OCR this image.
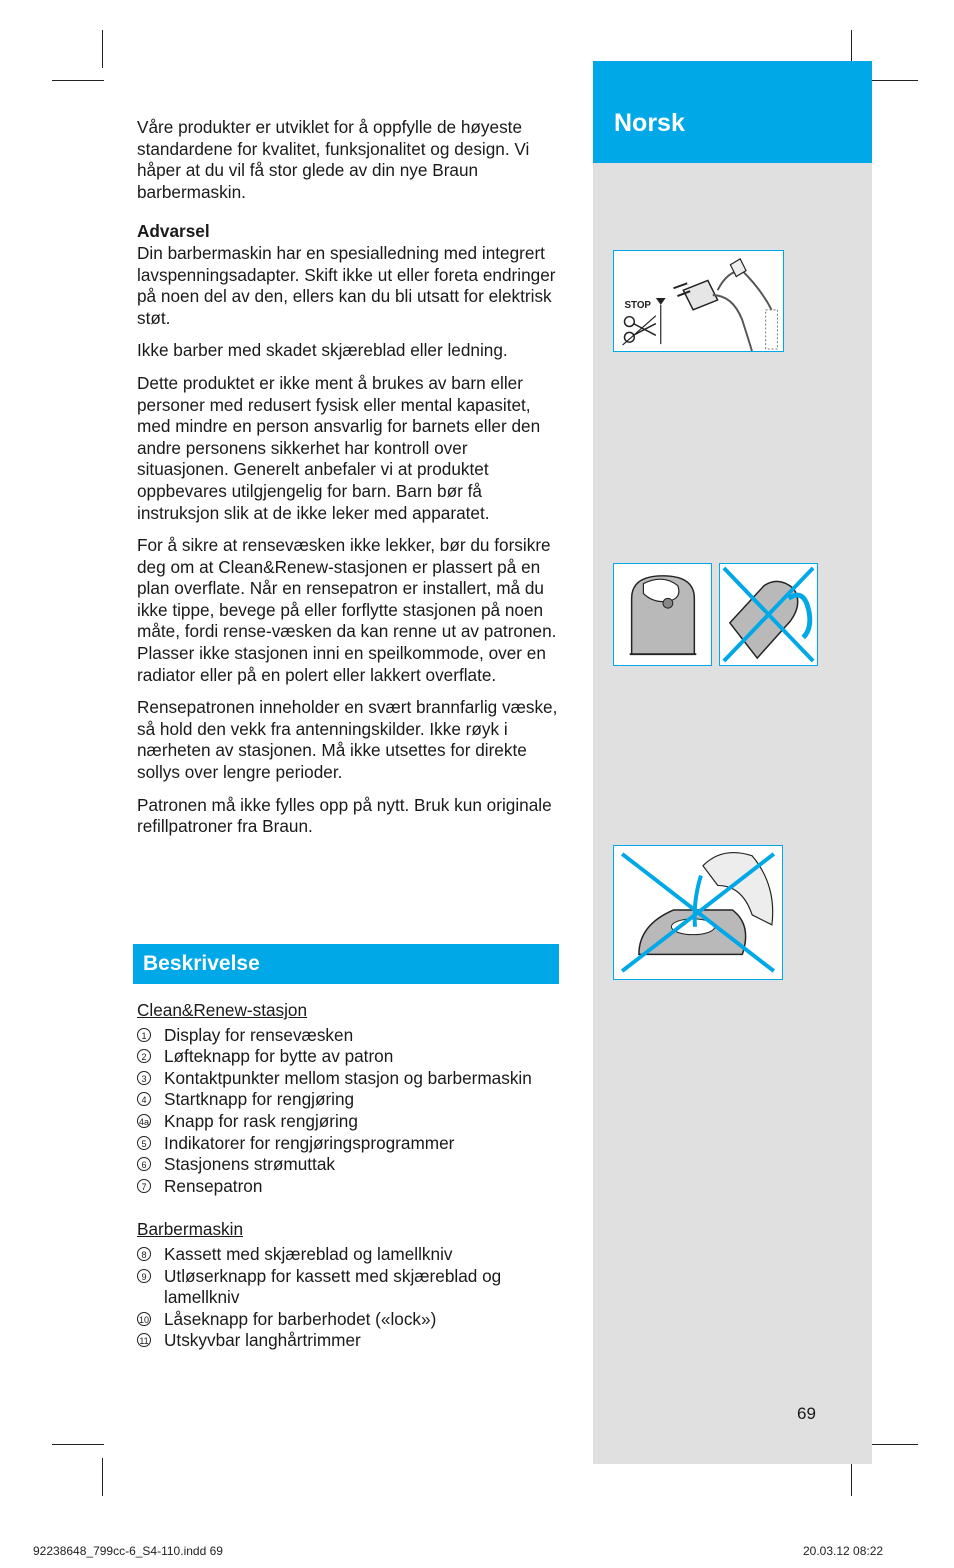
Våre produkter er utviklet for å oppfylle de høyeste standardene for kvalitet, funksjonalitet og design. Vi håper at du vil få stor glede av din nye Braun barbermaskin.

Advarsel

Din barbermaskin har en spesialledning med integrert lavspenningsadapter. Skift ikke ut eller foreta endringer på noen del av den, ellers kan du bli utsatt for elektrisk støt.

Ikke barber med skadet skjæreblad eller ledning.

Dette produktet er ikke ment å brukes av barn eller personer med redusert fysisk eller mental kapasitet, med mindre en person ansvarlig for barnets eller den andre personens sikkerhet har kontroll over situasjonen. Generelt anbefaler vi at produktet oppbevares utilgjengelig for barn. Barn bør få instruksjon slik at de ikke leker med apparatet.

For å sikre at rensevæsken ikke lekker, bør du forsikre deg om at Clean&Renew-stasjonen er plassert på en plan overflate. Når en rensepatron er installert, må du ikke tippe, bevege på eller forflytte stasjonen på noen måte, fordi rense-væsken da kan renne ut av patronen. Plasser ikke stasjonen inni en speilkommode, over en radiator eller på en polert eller lakkert overflate.

Rensepatronen inneholder en svært brannfarlig væske, så hold den vekk fra antenningskilder. Ikke røyk i nærheten av stasjonen. Må ikke utsettes for direkte sollys over lengre perioder.

Patronen må ikke fylles opp på nytt. Bruk kun originale refillpatroner fra Braun.

Beskrivelse
Clean&Renew-stasjon
1 Display for rensevæsken
2 Løfteknapp for bytte av patron
3 Kontaktpunkter mellom stasjon og barbermaskin
4 Startknapp for rengjøring
4a Knapp for rask rengjøring
5 Indikatorer for rengjøringsprogrammer
6 Stasjonens strømuttak
7 Rensepatron
Barbermaskin
8 Kassett med skjæreblad og lamellkniv
9 Utløserknapp for kassett med skjæreblad og lamellkniv
10 Låseknapp for barberhodet («lock»)
11 Utskyvbar langhårtrimmer
Norsk
STOP
69
92238648_799cc-6_S4-110.indd 69	20.03.12 08:22
